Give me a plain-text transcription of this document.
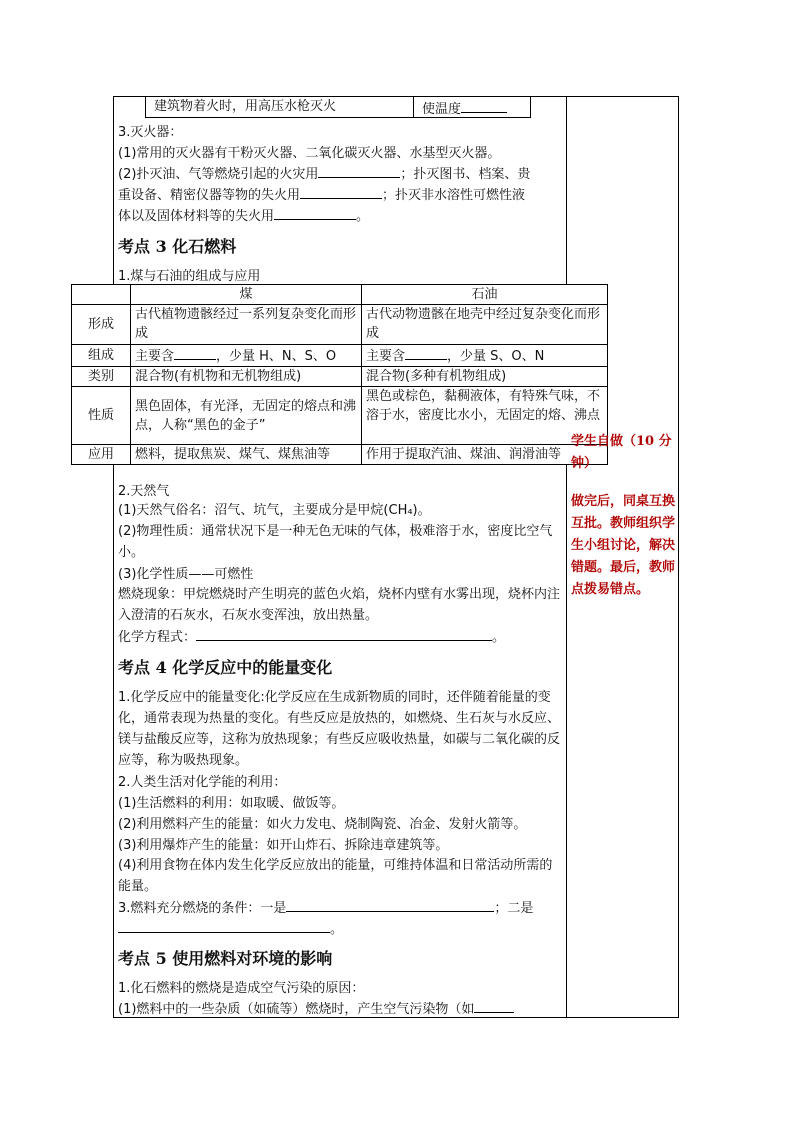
建筑物着火时，用高压水枪灭火	使温度
3.灭火器：
(1)常用的灭火器有干粉灭火器、二氧化碳灭火器、水基型灭火器。
(2)扑灭油、气等燃烧引起的火灾用	；扑灭图书、档案、贵
重设备、精密仪器等物的失火用	；扑灭非水溶性可燃性液
体以及固体材料等的失火用	。
考点 3 化石燃料
1.煤与石油的组成与应用
	煤	石油
形成	古代植物遗骸经过一系列复杂变化而形成	古代动物遗骸在地壳中经过复杂变化而形成
组成	主要含 ，少量 H、N、S、O	主要含 ，少量 S、O、N
类别	混合物(有机物和无机物组成)	混合物(多种有机物组成)
性质	黑色固体，有光泽，无固定的熔点和沸点，人称“黑色的金子”	黑色或棕色，黏稠液体，有特殊气味，不溶于水，密度比水小，无固定的熔、沸点
应用	燃料，提取焦炭、煤气、煤焦油等	作用于提取汽油、煤油、润滑油等
2.天然气
(1)天然气俗名：沼气、坑气，主要成分是甲烷(CH₄)。
(2)物理性质：通常状况下是一种无色无味的气体，极难溶于水，密度比空气小。
(3)化学性质——可燃性
燃烧现象：甲烷燃烧时产生明亮的蓝色火焰，烧杯内壁有水雾出现，烧杯内注入澄清的石灰水，石灰水变浑浊，放出热量。
化学方程式：	。
考点 4 化学反应中的能量变化
1.化学反应中的能量变化:化学反应在生成新物质的同时，还伴随着能量的变化，通常表现为热量的变化。有些反应是放热的，如燃烧、生石灰与水反应、镁与盐酸反应等，这称为放热现象；有些反应吸收热量，如碳与二氧化碳的反应等，称为吸热现象。
2.人类生活对化学能的利用：
(1)生活燃料的利用：如取暖、做饭等。
(2)利用燃料产生的能量：如火力发电、烧制陶瓷、冶金、发射火箭等。
(3)利用爆炸产生的能量：如开山炸石、拆除违章建筑等。
(4)利用食物在体内发生化学反应放出的能量，可维持体温和日常活动所需的能量。
3.燃料充分燃烧的条件：一是	；二是
。
考点 5 使用燃料对环境的影响
1.化石燃料的燃烧是造成空气污染的原因：
(1)燃料中的一些杂质（如硫等）燃烧时，产生空气污染物（如
学生自做（10 分钟）
做完后，同桌互换互批。教师组织学生小组讨论，解决错题。最后，教师点拨易错点。
